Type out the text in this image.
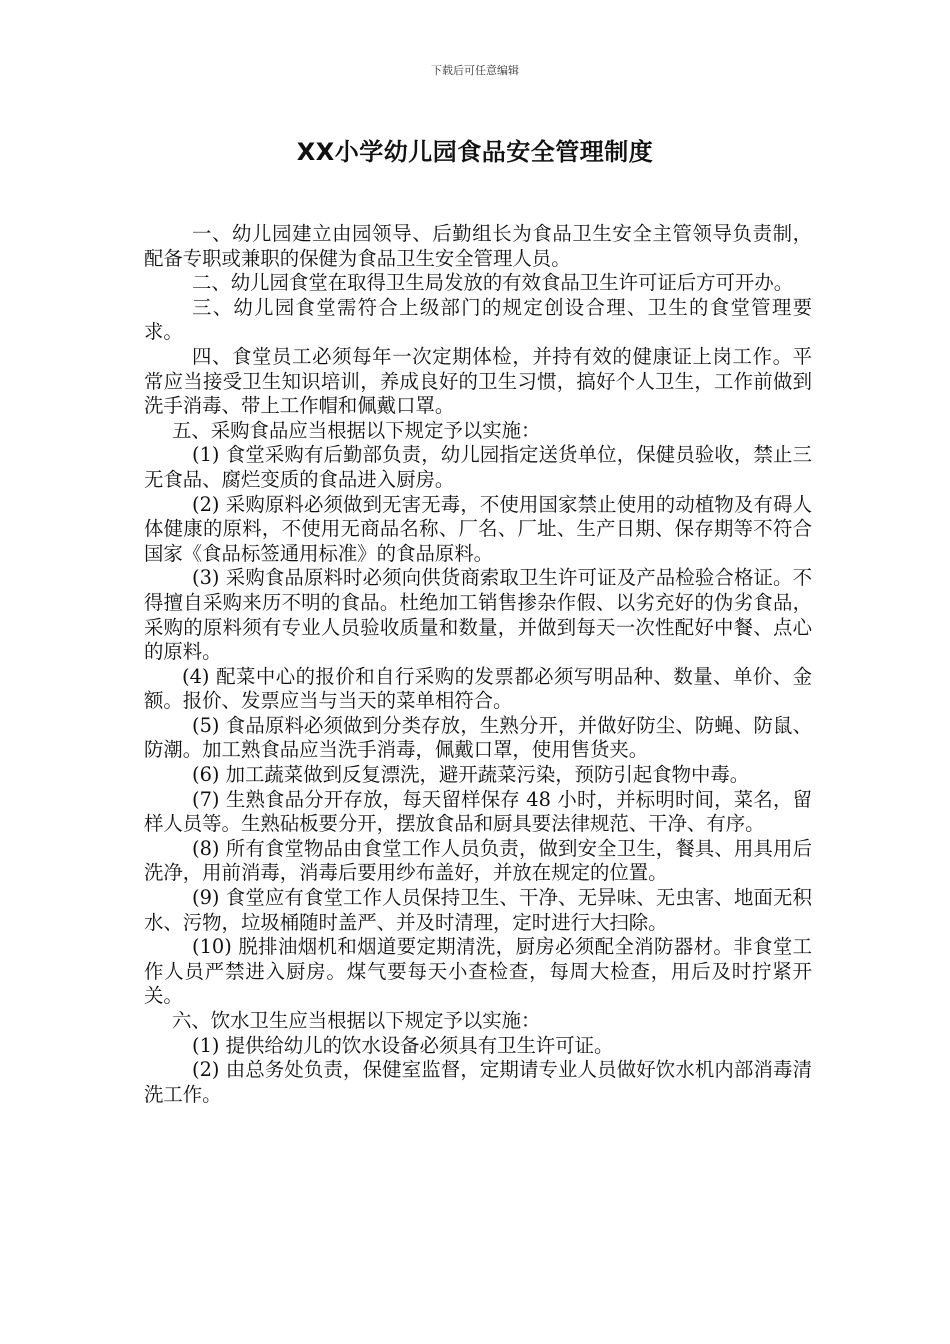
下载后可任意编辑
XX小学幼儿园食品安全管理制度

一、幼儿园建立由园领导、后勤组长为食品卫生安全主管领导负责制，配备专职或兼职的保健为食品卫生安全管理人员。

二、幼儿园食堂在取得卫生局发放的有效食品卫生许可证后方可开办。

三、幼儿园食堂需符合上级部门的规定创设合理、卫生的食堂管理要求。

四、食堂员工必须每年一次定期体检，并持有效的健康证上岗工作。平常应当接受卫生知识培训，养成良好的卫生习惯，搞好个人卫生，工作前做到洗手消毒、带上工作帽和佩戴口罩。

五、采购食品应当根据以下规定予以实施：

(1) 食堂采购有后勤部负责，幼儿园指定送货单位，保健员验收，禁止三无食品、腐烂变质的食品进入厨房。

(2) 采购原料必须做到无害无毒，不使用国家禁止使用的动植物及有碍人体健康的原料，不使用无商品名称、厂名、厂址、生产日期、保存期等不符合国家《食品标签通用标准》的食品原料。

(3) 采购食品原料时必须向供货商索取卫生许可证及产品检验合格证。不得擅自采购来历不明的食品。杜绝加工销售掺杂作假、以劣充好的伪劣食品，采购的原料须有专业人员验收质量和数量，并做到每天一次性配好中餐、点心的原料。

(4) 配菜中心的报价和自行采购的发票都必须写明品种、数量、单价、金额。报价、发票应当与当天的菜单相符合。

(5) 食品原料必须做到分类存放，生熟分开，并做好防尘、防蝇、防鼠、防潮。加工熟食品应当洗手消毒，佩戴口罩，使用售货夹。

(6) 加工蔬菜做到反复漂洗，避开蔬菜污染，预防引起食物中毒。

(7) 生熟食品分开存放，每天留样保存 48 小时，并标明时间，菜名，留样人员等。生熟砧板要分开，摆放食品和厨具要法律规范、干净、有序。

(8) 所有食堂物品由食堂工作人员负责，做到安全卫生，餐具、用具用后洗净，用前消毒，消毒后要用纱布盖好，并放在规定的位置。

(9) 食堂应有食堂工作人员保持卫生、干净、无异味、无虫害、地面无积水、污物，垃圾桶随时盖严、并及时清理，定时进行大扫除。

(10) 脱排油烟机和烟道要定期清洗，厨房必须配全消防器材。非食堂工作人员严禁进入厨房。煤气要每天小查检查，每周大检查，用后及时拧紧开关。

六、饮水卫生应当根据以下规定予以实施：

(1) 提供给幼儿的饮水设备必须具有卫生许可证。

(2) 由总务处负责，保健室监督，定期请专业人员做好饮水机内部消毒清洗工作。
